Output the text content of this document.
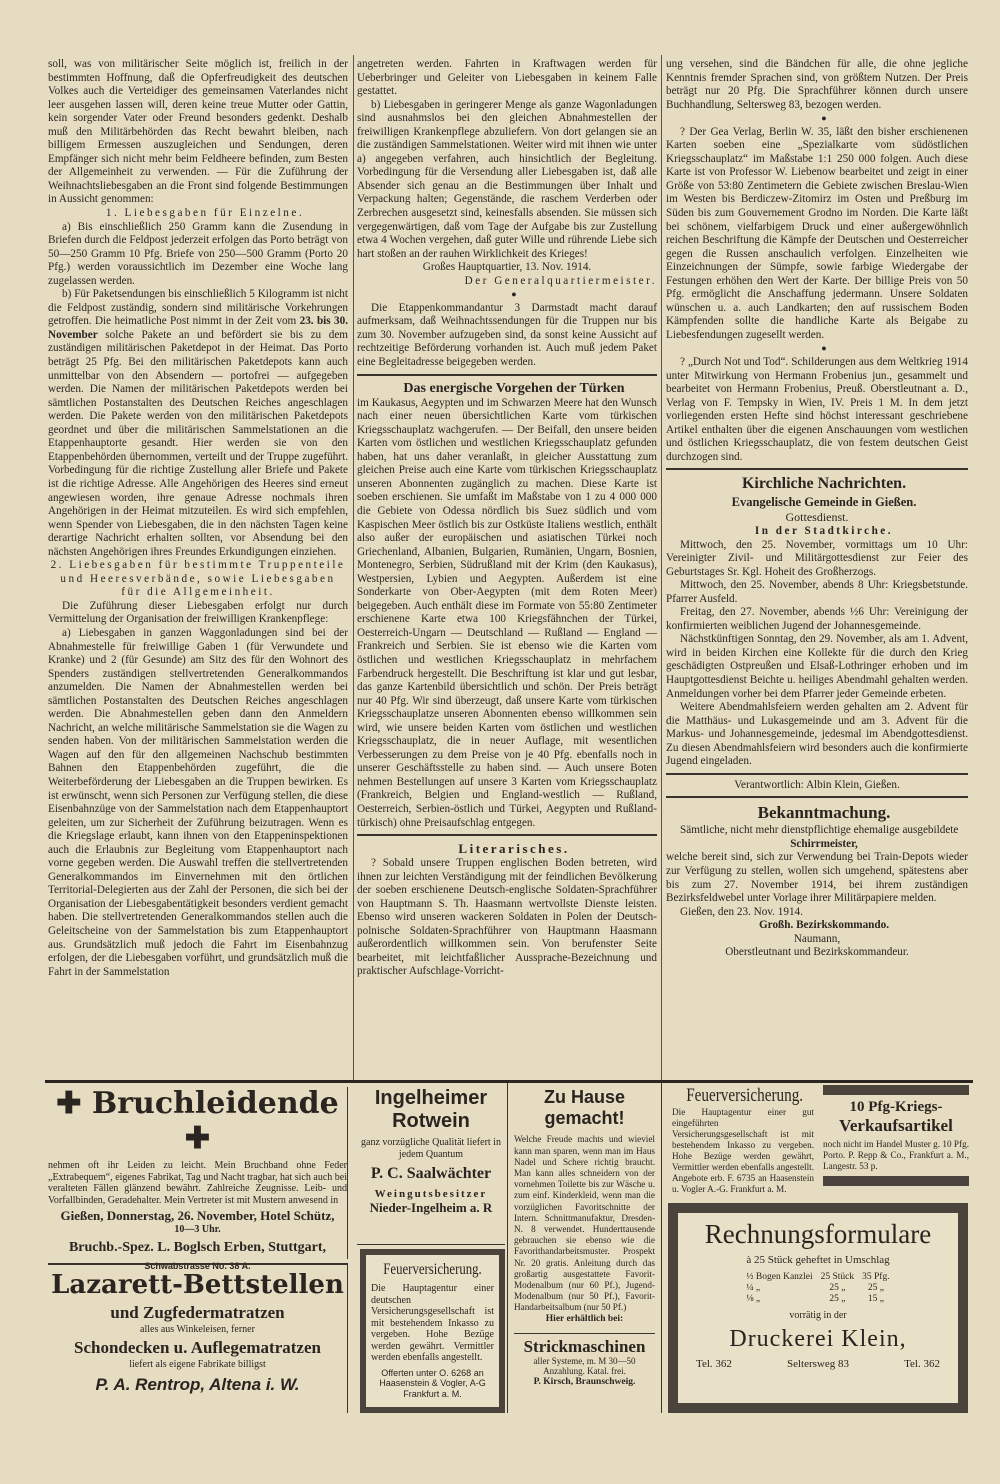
soll, was von militärischer Seite möglich ist, freilich in der bestimmten Hoffnung, daß die Opferfreudigkeit des deutschen Volkes auch die Verteidiger des gemeinsamen Vaterlandes nicht leer ausgehen lassen will, deren keine treue Mutter oder Gattin, kein sorgender Vater oder Freund besonders gedenkt. Deshalb muß den Militärbehörden das Recht bewahrt bleiben, nach billigem Ermessen auszugleichen und Sendungen, deren Empfänger sich nicht mehr beim Feldheere befinden, zum Besten der Allgemeinheit zu verwenden. — Für die Zuführung der Weihnachtsliebesgaben an die Front sind folgende Bestimmungen in Aussicht genommen:

1. Liebesgaben für Einzelne.

a) Bis einschließlich 250 Gramm kann die Zusendung in Briefen durch die Feldpost jederzeit erfolgen das Porto beträgt von 50—250 Gramm 10 Pfg. Briefe von 250—500 Gramm (Porto 20 Pfg.) werden voraussichtlich im Dezember eine Woche lang zugelassen werden.

b) Für Paketsendungen bis einschließlich 5 Kilogramm ist nicht die Feldpost zuständig, sondern sind militärische Vorkehrungen getroffen. Die heimatliche Post nimmt in der Zeit vom 23. bis 30. November solche Pakete an und befördert sie bis zu dem zuständigen militärischen Paketdepot in der Heimat. Das Porto beträgt 25 Pfg. Bei den militärischen Paketdepots kann auch unmittelbar von den Absendern — portofrei — aufgegeben werden. Die Namen der militärischen Paketdepots werden bei sämtlichen Postanstalten des Deutschen Reiches angeschlagen werden. Die Pakete werden von den militärischen Paketdepots geordnet und über die militärischen Sammelstationen an die Etappenhauptorte gesandt. Hier werden sie von den Etappenbehörden übernommen, verteilt und der Truppe zugeführt. Vorbedingung für die richtige Zustellung aller Briefe und Pakete ist die richtige Adresse. Alle Angehörigen des Heeres sind erneut angewiesen worden, ihre genaue Adresse nochmals ihren Angehörigen in der Heimat mitzuteilen. Es wird sich empfehlen, wenn Spender von Liebesgaben, die in den nächsten Tagen keine derartige Nachricht erhalten sollten, vor Absendung bei den nächsten Angehörigen ihres Freundes Erkundigungen einziehen.

2. Liebesgaben für bestimmte Truppenteile und Heeresverbände, sowie Liebesgaben für die Allgemeinheit.

Die Zuführung dieser Liebesgaben erfolgt nur durch Vermittelung der Organisation der freiwilligen Krankenpflege:

a) Liebesgaben in ganzen Waggonladungen sind bei der Abnahmestelle für freiwillige Gaben 1 (für Verwundete und Kranke) und 2 (für Gesunde) am Sitz des für den Wohnort des Spenders zuständigen stellvertretenden Generalkommandos anzumelden. Die Namen der Abnahmestellen werden bei sämtlichen Postanstalten des Deutschen Reiches angeschlagen werden. Die Abnahmestellen geben dann den Anmeldern Nachricht, an welche militärische Sammelstation sie die Wagen zu senden haben. Von der militärischen Sammelstation werden die Wagen auf den für den allgemeinen Nachschub bestimmten Bahnen den Etappenbehörden zugeführt, die die Weiterbeförderung der Liebesgaben an die Truppen bewirken. Es ist erwünscht, wenn sich Personen zur Verfügung stellen, die diese Eisenbahnzüge von der Sammelstation nach dem Etappenhauptort geleiten, um zur Sicherheit der Zuführung beizutragen. Wenn es die Kriegslage erlaubt, kann ihnen von den Etappeninspektionen auch die Erlaubnis zur Begleitung vom Etappenhauptort nach vorne gegeben werden. Die Auswahl treffen die stellvertretenden Generalkommandos im Einvernehmen mit den örtlichen Territorial-Delegierten aus der Zahl der Personen, die sich bei der Organisation der Liebesgabentätigkeit besonders verdient gemacht haben. Die stellvertretenden Generalkommandos stellen auch die Geleitscheine von der Sammelstation bis zum Etappenhauptort aus. Grundsätzlich muß jedoch die Fahrt im Eisenbahnzug erfolgen, der die Liebesgaben vorführt, und grundsätzlich muß die Fahrt in der Sammelstation

angetreten werden. Fahrten in Kraftwagen werden für Ueberbringer und Geleiter von Liebesgaben in keinem Falle gestattet.

b) Liebesgaben in geringerer Menge als ganze Wagonladungen sind ausnahmslos bei den gleichen Abnahmestellen der freiwilligen Krankenpflege abzuliefern. Von dort gelangen sie an die zuständigen Sammelstationen. Weiter wird mit ihnen wie unter a) angegeben verfahren, auch hinsichtlich der Begleitung. Vorbedingung für die Versendung aller Liebesgaben ist, daß alle Absender sich genau an die Bestimmungen über Inhalt und Verpackung halten; Gegenstände, die raschem Verderben oder Zerbrechen ausgesetzt sind, keinesfalls absenden. Sie müssen sich vergegenwärtigen, daß vom Tage der Aufgabe bis zur Zustellung etwa 4 Wochen vergehen, daß guter Wille und rührende Liebe sich hart stoßen an der rauhen Wirklichkeit des Krieges!

Großes Hauptquartier, 13. Nov. 1914.

Der Generalquartiermeister.

●

Die Etappenkommandantur 3 Darmstadt macht darauf aufmerksam, daß Weihnachtssendungen für die Truppen nur bis zum 30. November aufzugeben sind, da sonst keine Aussicht auf rechtzeitige Beförderung vorhanden ist. Auch muß jedem Paket eine Begleitadresse beigegeben werden.

Das energische Vorgehen der Türken

im Kaukasus, Aegypten und im Schwarzen Meere hat den Wunsch nach einer neuen übersichtlichen Karte vom türkischen Kriegsschauplatz wachgerufen. — Der Beifall, den unsere beiden Karten vom östlichen und westlichen Kriegsschauplatz gefunden haben, hat uns daher veranlaßt, in gleicher Ausstattung zum gleichen Preise auch eine Karte vom türkischen Kriegsschauplatz unseren Abonnenten zugänglich zu machen. Diese Karte ist soeben erschienen. Sie umfaßt im Maßstabe von 1 zu 4 000 000 die Gebiete von Odessa nördlich bis Suez südlich und vom Kaspischen Meer östlich bis zur Ostküste Italiens westlich, enthält also außer der europäischen und asiatischen Türkei noch Griechenland, Albanien, Bulgarien, Rumänien, Ungarn, Bosnien, Montenegro, Serbien, Südrußland mit der Krim (den Kaukasus), Westpersien, Lybien und Aegypten. Außerdem ist eine Sonderkarte von Ober-Aegypten (mit dem Roten Meer) beigegeben. Auch enthält diese im Formate von 55:80 Zentimeter erschienene Karte etwa 100 Kriegsfähnchen der Türkei, Oesterreich-Ungarn — Deutschland — Rußland — England — Frankreich und Serbien. Sie ist ebenso wie die Karten vom östlichen und westlichen Kriegsschauplatz in mehrfachem Farbendruck hergestellt. Die Beschriftung ist klar und gut lesbar, das ganze Kartenbild übersichtlich und schön. Der Preis beträgt nur 40 Pfg. Wir sind überzeugt, daß unsere Karte vom türkischen Kriegsschauplatze unseren Abonnenten ebenso willkommen sein wird, wie unsere beiden Karten vom östlichen und westlichen Kriegsschauplatz, die in neuer Auflage, mit wesentlichen Verbesserungen zu dem Preise von je 40 Pfg. ebenfalls noch in unserer Geschäftsstelle zu haben sind. — Auch unsere Boten nehmen Bestellungen auf unsere 3 Karten vom Kriegsschauplatz (Frankreich, Belgien und England-westlich — Rußland, Oesterreich, Serbien-östlich und Türkei, Aegypten und Rußland-türkisch) ohne Preisaufschlag entgegen.

Literarisches.

? Sobald unsere Truppen englischen Boden betreten, wird ihnen zur leichten Verständigung mit der feindlichen Bevölkerung der soeben erschienene Deutsch-englische Soldaten-Sprachführer von Hauptmann S. Th. Haasmann wertvollste Dienste leisten. Ebenso wird unseren wackeren Soldaten in Polen der Deutsch-polnische Soldaten-Sprachführer von Hauptmann Haasmann außerordentlich willkommen sein. Von berufenster Seite bearbeitet, mit leichtfaßlicher Aussprache-Bezeichnung und praktischer Aufschlage-Vorricht-

ung versehen, sind die Bändchen für alle, die ohne jegliche Kenntnis fremder Sprachen sind, von größtem Nutzen. Der Preis beträgt nur 20 Pfg. Die Sprachführer können durch unsere Buchhandlung, Seltersweg 83, bezogen werden.

●

? Der Gea Verlag, Berlin W. 35, läßt den bisher erschienenen Karten soeben eine „Spezialkarte vom südöstlichen Kriegsschauplatz“ im Maßstabe 1:1 250 000 folgen. Auch diese Karte ist von Professor W. Liebenow bearbeitet und zeigt in einer Größe von 53:80 Zentimetern die Gebiete zwischen Breslau-Wien im Westen bis Berdiczew-Zitomirz im Osten und Preßburg im Süden bis zum Gouvernement Grodno im Norden. Die Karte läßt bei schönem, vielfarbigem Druck und einer außergewöhnlich reichen Beschriftung die Kämpfe der Deutschen und Oesterreicher gegen die Russen anschaulich verfolgen. Einzelheiten wie Einzeichnungen der Sümpfe, sowie farbige Wiedergabe der Festungen erhöhen den Wert der Karte. Der billige Preis von 50 Pfg. ermöglicht die Anschaffung jedermann. Unsere Soldaten wünschen u. a. auch Landkarten; den auf russischem Boden Kämpfenden sollte die handliche Karte als Beigabe zu Liebesfendungen zugesellt werden.

●

? „Durch Not und Tod“. Schilderungen aus dem Weltkrieg 1914 unter Mitwirkung von Hermann Frobenius jun., gesammelt und bearbeitet von Hermann Frobenius, Preuß. Oberstleutnant a. D., Verlag von F. Tempsky in Wien, IV. Preis 1 M. In dem jetzt vorliegenden ersten Hefte sind höchst interessant geschriebene Artikel enthalten über die eigenen Anschauungen vom westlichen und östlichen Kriegsschauplatz, die von festem deutschen Geist durchzogen sind.

Kirchliche Nachrichten.

Evangelische Gemeinde in Gießen.

Gottesdienst.

In der Stadtkirche.

Mittwoch, den 25. November, vormittags um 10 Uhr: Vereinigter Zivil- und Militärgottesdienst zur Feier des Geburtstages Sr. Kgl. Hoheit des Großherzogs.

Mittwoch, den 25. November, abends 8 Uhr: Kriegsbetstunde. Pfarrer Ausfeld.

Freitag, den 27. November, abends ½6 Uhr: Vereinigung der konfirmierten weiblichen Jugend der Johannesgemeinde.

Nächstkünftigen Sonntag, den 29. November, als am 1. Advent, wird in beiden Kirchen eine Kollekte für die durch den Krieg geschädigten Ostpreußen und Elsaß-Lothringer erhoben und im Hauptgottesdienst Beichte u. heiliges Abendmahl gehalten werden. Anmeldungen vorher bei dem Pfarrer jeder Gemeinde erbeten.

Weitere Abendmahlsfeiern werden gehalten am 2. Advent für die Matthäus- und Lukasgemeinde und am 3. Advent für die Markus- und Johannesgemeinde, jedesmal im Abendgottesdienst. Zu diesen Abendmahlsfeiern wird besonders auch die konfirmierte Jugend eingeladen.

Verantwortlich: Albin Klein, Gießen.

Bekanntmachung.

Sämtliche, nicht mehr dienstpflichtige ehemalige ausgebildete

Schirrmeister,

welche bereit sind, sich zur Verwendung bei Train-Depots wieder zur Verfügung zu stellen, wollen sich umgehend, spätestens aber bis zum 27. November 1914, bei ihrem zuständigen Bezirksfeldwebel unter Vorlage ihrer Militärpapiere melden.

Gießen, den 23. Nov. 1914.

Großh. Bezirkskommando.

Naumann,

Oberstleutnant und Bezirkskommandeur.

✚ Bruchleidende ✚
nehmen oft ihr Leiden zu leicht. Mein Bruchband ohne Feder „Extrabequem“, eigenes Fabrikat, Tag und Nacht tragbar, hat sich auch bei veralteten Fällen glänzend bewährt. Zahlreiche Zeugnisse. Leib- und Vorfallbinden, Geradehalter. Mein Vertreter ist mit Mustern anwesend in
Gießen, Donnerstag, 26. November, Hotel Schütz,
10—3 Uhr.
Bruchb.-Spez. L. Boglsch Erben, Stuttgart,
Schwabstrasse No. 38 A.
Lazarett-Bettstellen
und Zugfedermatratzen
alles aus Winkeleisen, ferner
Schondecken u. Auflegematratzen
liefert als eigene Fabrikate billigst
P. A. Rentrop, Altena i. W.
Ingelheimer
Rotwein
ganz vorzügliche Qualität liefert in jedem Quantum
P. C. Saalwächter
Weingutsbesitzer
Nieder-Ingelheim a. R
Feuerversicherung.
Die Hauptagentur einer deutschen Versicherungsgesellschaft ist mit bestehendem Inkasso zu vergeben. Hohe Bezüge werden gewährt. Vermittler werden ebenfalls angestellt.
Offerten unter O. 6268 an Haasenstein & Vogler, A-G Frankfurt a. M.
Zu Hause
gemacht!
Welche Freude machts und wieviel kann man sparen, wenn man im Haus Nadel und Schere richtig braucht. Man kann alles schneidern von der vornehmen Toilette bis zur Wäsche u. zum einf. Kinderkleid, wenn man die vorzüglichen Favoritschnitte der Intern. Schnittmanufaktur, Dresden-N. 8 verwendet. Hunderttausende gebrauchen sie ebenso wie die Favorithandarbeitsmuster. Prospekt Nr. 20 gratis. Anleitung durch das großartig ausgestattete Favorit-Modenalbum (nur 60 Pf.), Jugend-Modenalbum (nur 50 Pf.), Favorit-Handarbeitsalbum (nur 50 Pf.)
Hier erhältlich bei:
Strickmaschinen
aller Systeme, m. M 30—50 Anzahlung. Katal. frei.
P. Kirsch, Braunschweig.
Feuerversicherung.
Die Hauptagentur einer gut eingeführten Versicherungsgesellschaft ist mit bestehendem Inkasso zu vergeben. Hohe Bezüge werden gewährt, Vermittler werden ebenfalls angestellt. Angebote erb. F. 6735 an Haasenstein u. Vogler A.-G. Frankfurt a. M.
10 Pfg-Kriegs-
Verkaufsartikel
noch nicht im Handel Muster g. 10 Pfg. Porto. P. Repp & Co., Frankfurt a. M., Langestr. 53 p.
Rechnungsformulare
à 25 Stück geheftet in Umschlag
½ Bogen Kanzlei	25 Stück	35 Pfg.
¼ „	25 „	25 „
⅛ „	25 „	15 „
vorrätig in der
Druckerei Klein,
Tel. 362	Seltersweg 83	Tel. 362
